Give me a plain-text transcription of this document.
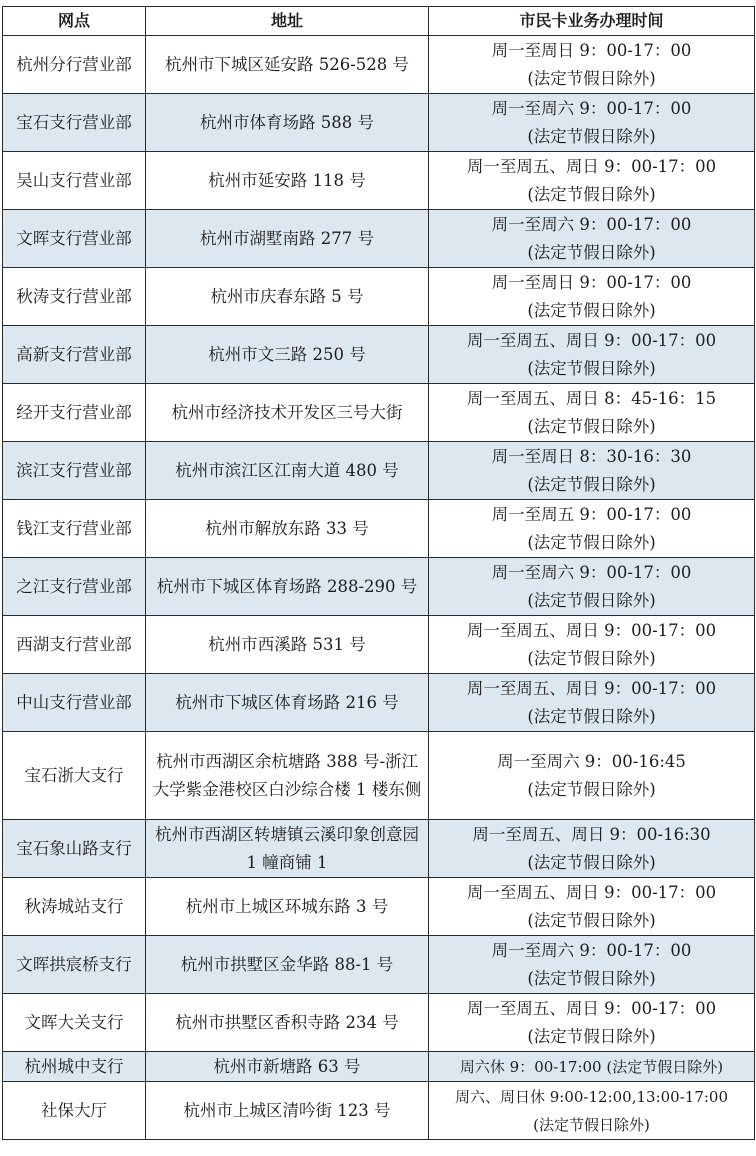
网点	地址	市民卡业务办理时间
杭州分行营业部	杭州市下城区延安路 526-528 号	周一至周日 9：00-17：00
(法定节假日除外)
宝石支行营业部	杭州市体育场路 588 号	周一至周六 9：00-17：00
(法定节假日除外)
吴山支行营业部	杭州市延安路 118 号	周一至周五、周日 9：00-17：00
(法定节假日除外)
文晖支行营业部	杭州市湖墅南路 277 号	周一至周六 9：00-17：00
(法定节假日除外)
秋涛支行营业部	杭州市庆春东路 5 号	周一至周日 9：00-17：00
(法定节假日除外)
高新支行营业部	杭州市文三路 250 号	周一至周五、周日 9：00-17：00
(法定节假日除外)
经开支行营业部	杭州市经济技术开发区三号大街	周一至周五、周日 8：45-16：15
(法定节假日除外)
滨江支行营业部	杭州市滨江区江南大道 480 号	周一至周日 8：30-16：30
(法定节假日除外)
钱江支行营业部	杭州市解放东路 33 号	周一至周五 9：00-17：00
(法定节假日除外)
之江支行营业部	杭州市下城区体育场路 288-290 号	周一至周六 9：00-17：00
(法定节假日除外)
西湖支行营业部	杭州市西溪路 531 号	周一至周五、周日 9：00-17：00
(法定节假日除外)
中山支行营业部	杭州市下城区体育场路 216 号	周一至周五、周日 9：00-17：00
(法定节假日除外)
宝石浙大支行	杭州市西湖区余杭塘路 388 号-浙江大学紫金港校区白沙综合楼 1 楼东侧	周一至周六 9：00-16:45
(法定节假日除外)
宝石象山路支行	杭州市西湖区转塘镇云溪印象创意园 1 幢商铺 1	周一至周五、周日 9：00-16:30
(法定节假日除外)
秋涛城站支行	杭州市上城区环城东路 3 号	周一至周五、周日 9：00-17：00
(法定节假日除外)
文晖拱宸桥支行	杭州市拱墅区金华路 88-1 号	周一至周六 9：00-17：00
(法定节假日除外)
文晖大关支行	杭州市拱墅区香积寺路 234 号	周一至周五、周日 9：00-17：00
(法定节假日除外)
杭州城中支行	杭州市新塘路 63 号	周六休 9：00-17:00 (法定节假日除外)
社保大厅	杭州市上城区清吟街 123 号	周六、周日休 9:00-12:00,13:00-17:00
(法定节假日除外)
